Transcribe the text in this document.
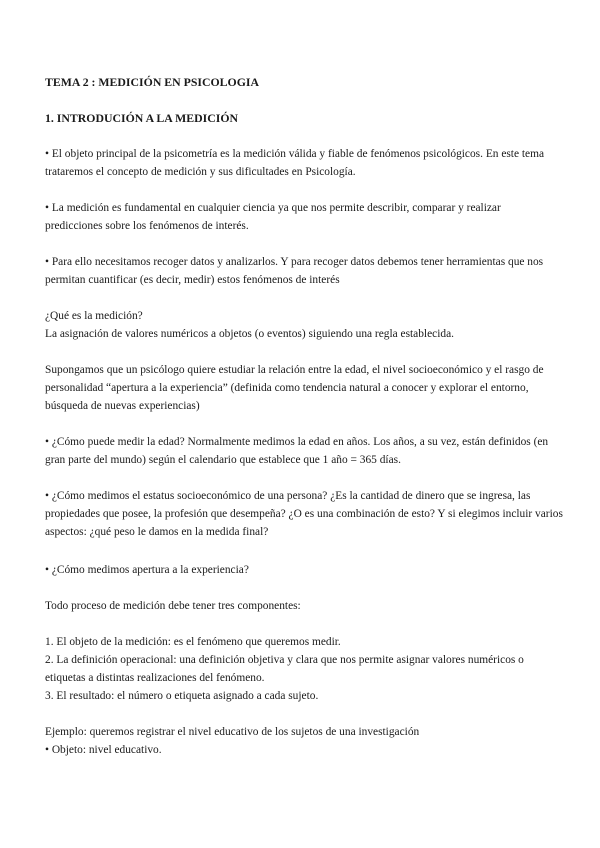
TEMA 2 : MEDICIÓN EN PSICOLOGIA
1. INTRODUCIÓN A LA MEDICIÓN
• El objeto principal de la psicometría es la medición válida y fiable de fenómenos psicológicos. En este tema
trataremos el concepto de medición y sus dificultades en Psicología.
• La medición es fundamental en cualquier ciencia ya que nos permite describir, comparar y realizar
predicciones sobre los fenómenos de interés.
• Para ello necesitamos recoger datos y analizarlos. Y para recoger datos debemos tener herramientas que nos
permitan cuantificar (es decir, medir) estos fenómenos de interés
¿Qué es la medición?
La asignación de valores numéricos a objetos (o eventos) siguiendo una regla establecida.
Supongamos que un psicólogo quiere estudiar la relación entre la edad, el nivel socioeconómico y el rasgo de
personalidad “apertura a la experiencia” (definida como tendencia natural a conocer y explorar el entorno,
búsqueda de nuevas experiencias)
• ¿Cómo puede medir la edad? Normalmente medimos la edad en años. Los años, a su vez, están definidos (en
gran parte del mundo) según el calendario que establece que 1 año = 365 días.
• ¿Cómo medimos el estatus socioeconómico de una persona? ¿Es la cantidad de dinero que se ingresa, las
propiedades que posee, la profesión que desempeña? ¿O es una combinación de esto? Y si elegimos incluir varios
aspectos: ¿qué peso le damos en la medida final?
• ¿Cómo medimos apertura a la experiencia?
Todo proceso de medición debe tener tres componentes:
1. El objeto de la medición: es el fenómeno que queremos medir.
2. La definición operacional: una definición objetiva y clara que nos permite asignar valores numéricos o
etiquetas a distintas realizaciones del fenómeno.
3. El resultado: el número o etiqueta asignado a cada sujeto.
Ejemplo: queremos registrar el nivel educativo de los sujetos de una investigación
• Objeto: nivel educativo.
